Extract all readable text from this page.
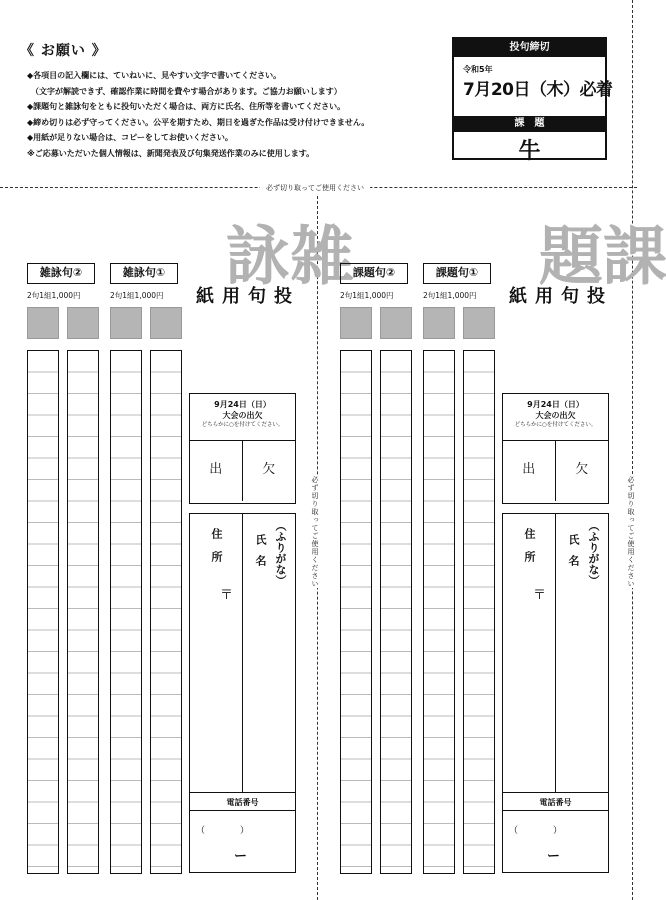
《 お願い 》
◆各項目の記入欄には、ていねいに、見やすい文字で書いてください。
　（文字が解読できず、確認作業に時間を費やす場合があります。ご協力お願いします）
◆課題句と雑詠句をともに投句いただく場合は、両方に氏名、住所等を書いてください。
◆締め切りは必ず守ってください。公平を期すため、期日を過ぎた作品は受け付けできません。
◆用紙が足りない場合は、コピーをしてお使いください。
※ご応募いただいた個人情報は、新聞発表及び句集発送作業のみに使用します。
投句締切
令和5年
7月20日（木）必着
課　題
牛
必ず切り取ってご使用ください
必ず切り取ってご使用ください	必ず切り取ってご使用ください
雑詠句②	雑詠句①
2句1組1,000円	2句1組1,000円
雑詠
投句用紙
9月24日（日）
大会の出欠
どちらかに○を付けてください。
出	欠
住所	氏名 （ふりがな）
〒
電話番号
（	）
ー
課題句②	課題句①
2句1組1,000円	2句1組1,000円
課題
投句用紙
9月24日（日）
大会の出欠
どちらかに○を付けてください。
出	欠
住所	氏名 （ふりがな）
〒
電話番号
（	）
ー
